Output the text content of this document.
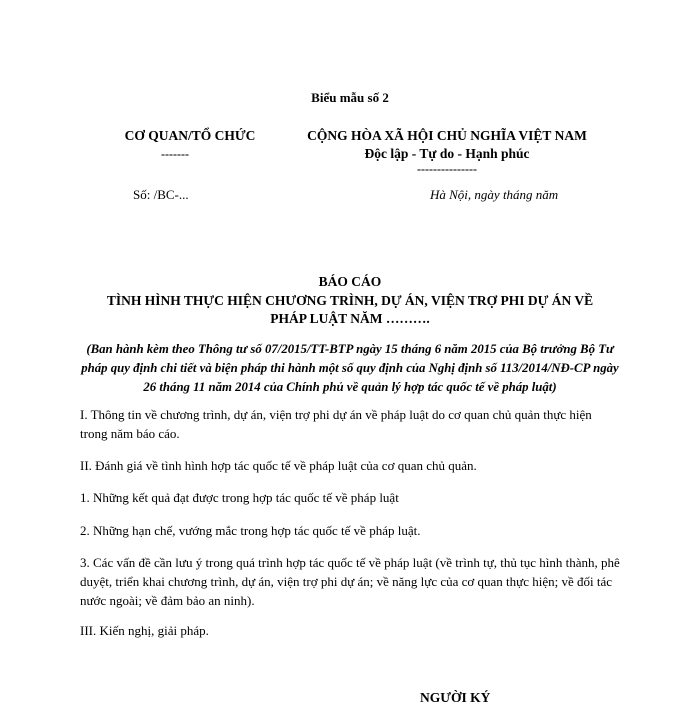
Biểu mẫu số 2
CƠ QUAN/TỔ CHỨC
-------
CỘNG HÒA XÃ HỘI CHỦ NGHĨA VIỆT NAM
Độc lập - Tự do - Hạnh phúc
---------------
Số: /BC-...	Hà Nội, ngày tháng năm
BÁO CÁO
TÌNH HÌNH THỰC HIỆN CHƯƠNG TRÌNH, DỰ ÁN, VIỆN TRỢ PHI DỰ ÁN VỀ PHÁP LUẬT NĂM ……….
(Ban hành kèm theo Thông tư số 07/2015/TT-BTP ngày 15 tháng 6 năm 2015 của Bộ trưởng Bộ Tư pháp quy định chi tiết và biện pháp thi hành một số quy định của Nghị định số 113/2014/NĐ-CP ngày 26 tháng 11 năm 2014 của Chính phủ về quản lý hợp tác quốc tế về pháp luật)
I. Thông tin về chương trình, dự án, viện trợ phi dự án về pháp luật do cơ quan chủ quản thực hiện trong năm báo cáo.
II. Đánh giá về tình hình hợp tác quốc tế về pháp luật của cơ quan chủ quản.
1. Những kết quả đạt được trong hợp tác quốc tế về pháp luật
2. Những hạn chế, vướng mắc trong hợp tác quốc tế về pháp luật.
3. Các vấn đề cần lưu ý trong quá trình hợp tác quốc tế về pháp luật (về trình tự, thủ tục hình thành, phê duyệt, triển khai chương trình, dự án, viện trợ phi dự án; về năng lực của cơ quan thực hiện; về đối tác nước ngoài; về đảm bảo an ninh).
III. Kiến nghị, giải pháp.
NGƯỜI KÝ
